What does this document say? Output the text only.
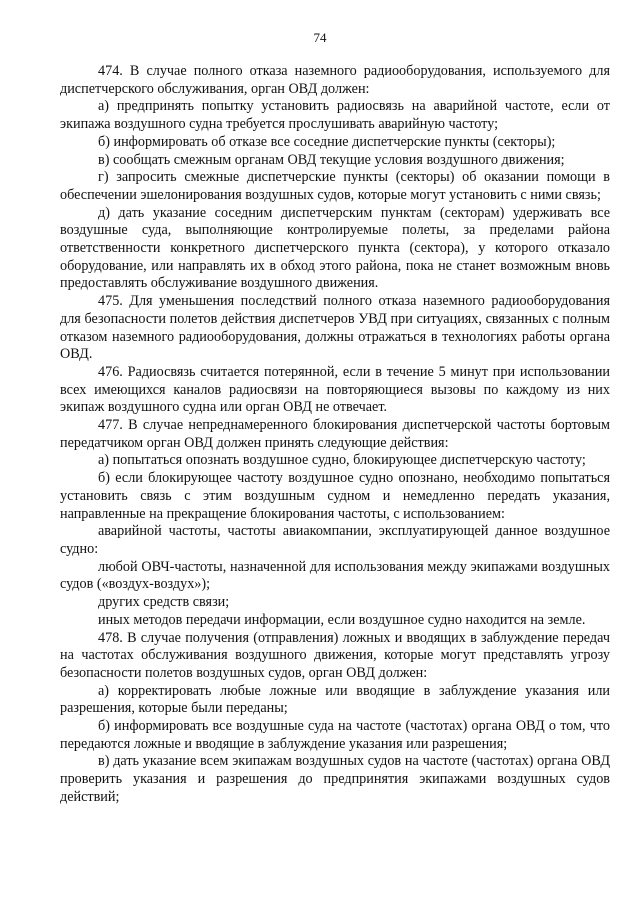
74

474. В случае полного отказа наземного радиооборудования, используемого для диспетчерского обслуживания, орган ОВД должен:

а) предпринять попытку установить радиосвязь на аварийной частоте, если от экипажа воздушного судна требуется прослушивать аварийную частоту;

б) информировать об отказе все соседние диспетчерские пункты (секторы);

в) сообщать смежным органам ОВД текущие условия воздушного движения;

г) запросить смежные диспетчерские пункты (секторы) об оказании помощи в обеспечении эшелонирования воздушных судов, которые могут установить с ними связь;

д) дать указание соседним диспетчерским пунктам (секторам) удерживать все воздушные суда, выполняющие контролируемые полеты, за пределами района ответственности конкретного диспетчерского пункта (сектора), у которого отказало оборудование, или направлять их в обход этого района, пока не станет возможным вновь предоставлять обслуживание воздушного движения.

475. Для уменьшения последствий полного отказа наземного радиооборудования для безопасности полетов действия диспетчеров УВД при ситуациях, связанных с полным отказом наземного радиооборудования, должны отражаться в технологиях работы органа ОВД.

476. Радиосвязь считается потерянной, если в течение 5 минут при использовании всех имеющихся каналов радиосвязи на повторяющиеся вызовы по каждому из них экипаж воздушного судна или орган ОВД не отвечает.

477. В случае непреднамеренного блокирования диспетчерской частоты бортовым передатчиком орган ОВД должен принять следующие действия:

а) попытаться опознать воздушное судно, блокирующее диспетчерскую частоту;

б) если блокирующее частоту воздушное судно опознано, необходимо попытаться установить связь с этим воздушным судном и немедленно передать указания, направленные на прекращение блокирования частоты, с использованием:

аварийной частоты, частоты авиакомпании, эксплуатирующей данное воздушное судно:

любой ОВЧ-частоты, назначенной для использования между экипажами воздушных судов («воздух-воздух»);

других средств связи;

иных методов передачи информации, если воздушное судно находится на земле.

478. В случае получения (отправления) ложных и вводящих в заблуждение передач на частотах обслуживания воздушного движения, которые могут представлять угрозу безопасности полетов воздушных судов, орган ОВД должен:

а) корректировать любые ложные или вводящие в заблуждение указания или разрешения, которые были переданы;

б) информировать все воздушные суда на частоте (частотах) органа ОВД о том, что передаются ложные и вводящие в заблуждение указания или разрешения;

в) дать указание всем экипажам воздушных судов на частоте (частотах) органа ОВД проверить указания и разрешения до предпринятия экипажами воздушных судов действий;
